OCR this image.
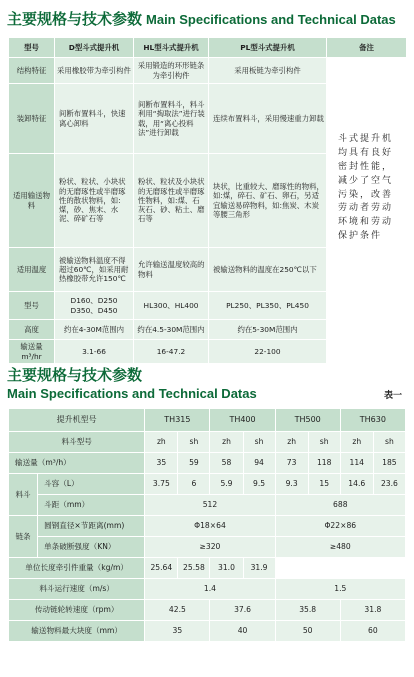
主要规格与技术参数 Main Specifications and Technical Datas
型号	D型斗式提升机	HL型斗式提升机	PL型斗式提升机	备注
结构特征	采用橡胶带为牵引构件	采用锻造的环形链条为牵引构件	采用板链为牵引构件	斗式提升机均具有良好密封性能，减少了空气污染，改善劳动者劳动环境和劳动保护条件
装卸特征	间断布置料斗，快速离心卸料	间断布置料斗，料斗利用“掏取法”进行装载，用“离心投料法”进行卸载	连续布置料斗，采用慢速重力卸载	
适用输送物料	粉状、粒状、小块状的无磨琢性或半磨琢性的散状物料，如:煤，砂、焦末、水泥、碎矿石等	粉状、粒状及小块状的无磨琢性或半磨琢性物料，如:煤、石灰石、砂、粘土、磨石等	块状，比重较大、磨琢性的物料，如:煤，碎石、矿石、卵石，另适宜输送易碎物料，如:焦炭、木炭等腰三角形	
适用温度	被输送物料温度不得超过60℃，如采用耐热橡胶带允许150℃	允许输送温度较高的物料	被输送物料的温度在250℃以下	
型号	D160、D250 D350、D450	HL300、HL400	PL250、PL350、PL450	
高度	约在4-30M范围内	约在4.5-30M范围内	约在5-30M范围内	
输送量 m³/hr	3.1-66	16-47.2	22-100	
主要规格与技术参数
Main Specifications and Technical Datas	表一
提升机型号		TH315		TH400		TH500		TH630	
料斗型号		zh	sh	zh	sh	zh	sh	zh	sh
输送量（m³/h）		35	59	58	94	73	118	114	185
料斗	斗容（L）	3.75	6	5.9	9.5	9.3	15	14.6	23.6
	斗距（mm）	512				688			
链条	圆钢直径×节距离(mm)	Φ18×64				Φ22×86			
	单条破断强度（KN）	≥320				≥480			
单位长度牵引件重量（kg/m）		25.64	25.58	31.0	31.9				
料斗运行速度（m/s）		1.4				1.5			
传动链轮转速度（rpm）		42.5		37.6		35.8		31.8	
输送物料最大块度（mm）		35		40		50		60	
